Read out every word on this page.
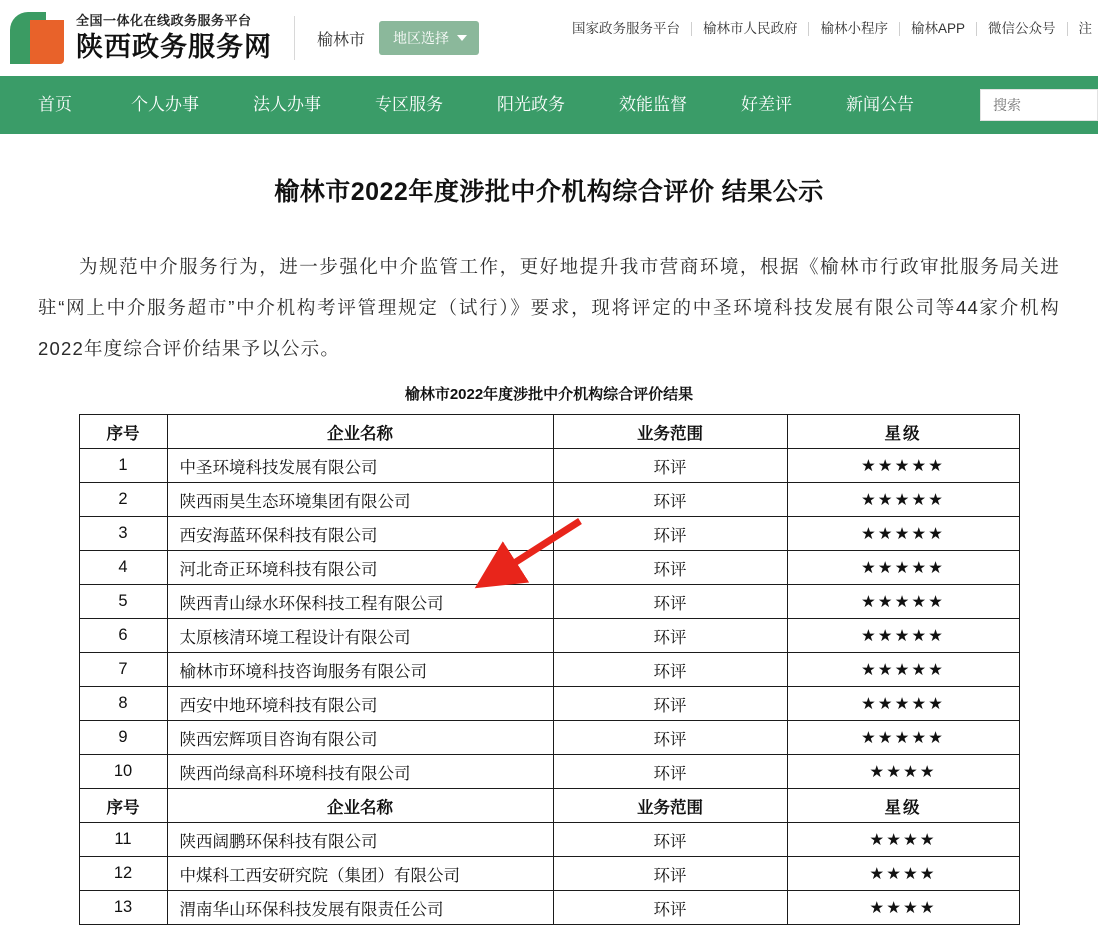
全国一体化在线政务服务平台
陕西政务服务网	榆林市 地区选择
国家政务服务平台	榆林市人民政府	榆林小程序	榆林APP	微信公众号	注
首页	个人办事	法人办事	专区服务	阳光政务	效能监督	好差评	新闻公告
搜索
榆林市2022年度涉批中介机构综合评价 结果公示
为规范中介服务行为，进一步强化中介监管工作，更好地提升我市营商环境，根据《榆林市行政审批服务局关进驻“网上中介服务超市”中介机构考评管理规定（试行）》要求，现将评定的中圣环境科技发展有限公司等44家介机构2022年度综合评价结果予以公示。
榆林市2022年度涉批中介机构综合评价结果
序号	企业名称	业务范围	星级
1	中圣环境科技发展有限公司	环评	★★★★★
2	陕西雨昊生态环境集团有限公司	环评	★★★★★
3	西安海蓝环保科技有限公司	环评	★★★★★
4	河北奇正环境科技有限公司	环评	★★★★★
5	陕西青山绿水环保科技工程有限公司	环评	★★★★★
6	太原核清环境工程设计有限公司	环评	★★★★★
7	榆林市环境科技咨询服务有限公司	环评	★★★★★
8	西安中地环境科技有限公司	环评	★★★★★
9	陕西宏辉项目咨询有限公司	环评	★★★★★
10	陕西尚绿高科环境科技有限公司	环评	★★★★
序号	企业名称	业务范围	星级
11	陕西阔鹏环保科技有限公司	环评	★★★★
12	中煤科工西安研究院（集团）有限公司	环评	★★★★
13	渭南华山环保科技发展有限责任公司	环评	★★★★
